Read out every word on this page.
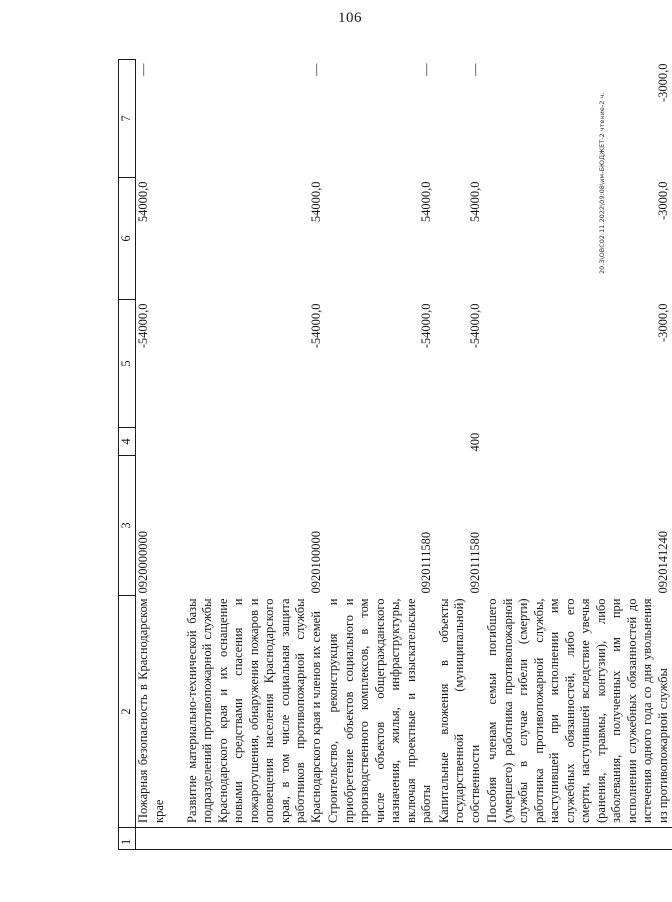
106
1	2	3	4	5	6	7
	Пожарная безопасность в Краснодарском крае	0920000000		-54000,0	54000,0	—
	Развитие материально-технической базы подразделений противопожарной службы Краснодарского края и их оснащение новыми средствами спасения и пожаротушения, обнаружения пожаров и оповещения населения Краснодарского края, в том числе социальная защита работников противопожарной службы Краснодарского края и членов их семей	0920100000		-54000,0	54000,0	—
	Строительство, реконструкция и приобретение объектов социального и производственного комплексов, в том числе объектов общегражданского назначения, жилья, инфраструктуры, включая проектные и изыскательские работы	0920111580		-54000,0	54000,0	—
	Капитальные вложения в объекты государственной (муниципальной) собственности	0920111580	400	-54000,0	54000,0	—
	Пособия членам семьи погибшего (умершего) работника противопожарной службы в случае гибели (смерти) работника противопожарной службы, наступившей при исполнении им служебных обязанностей, либо его смерти, наступившей вследствие увечья (ранения, травмы, контузии), либо заболевания, полученных им при исполнении служебных обязанностей до истечения одного года со дня увольнения из противопожарной службы	0920141240		-3000,0	-3000,0	-3000,0
20.3\ОВС02.11.2022\09:08\им-БЮДЖЕТ-2 чтение-2 ч.
